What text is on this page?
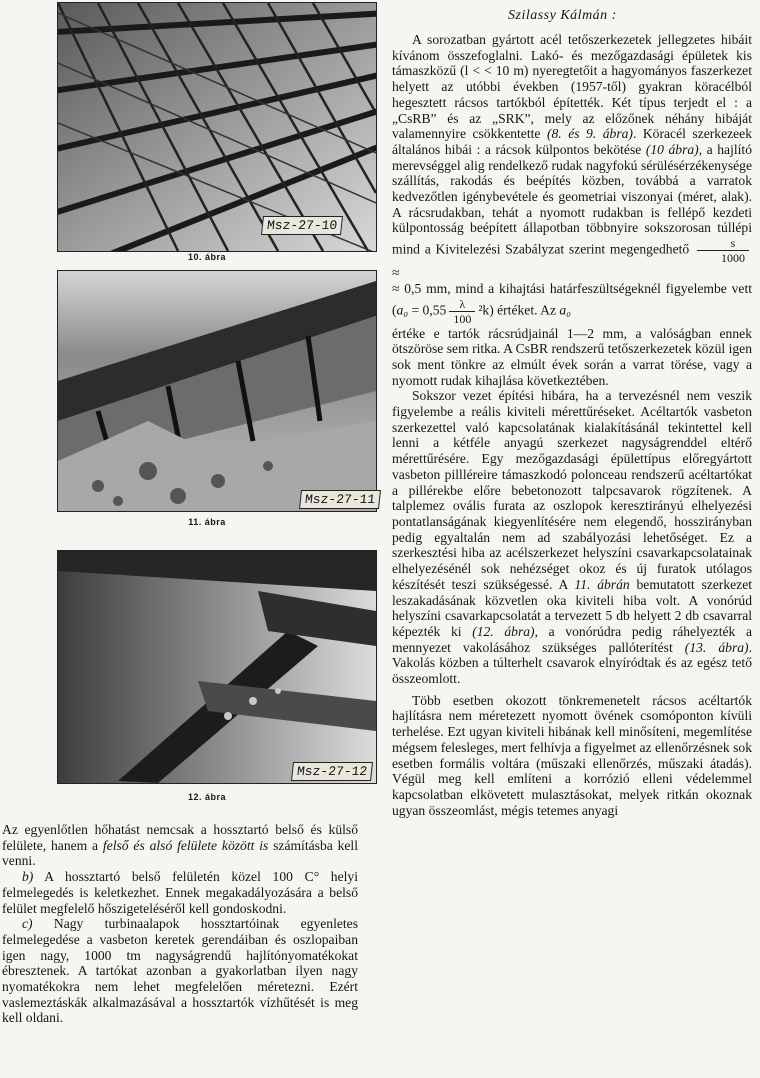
Msz-27-10
10. ábra
Msz-27-11
11. ábra
Msz-27-12
12. ábra

Az egyenlőtlen hőhatást nemcsak a hossztartó belső és külső felülete, hanem a felső és alsó felülete között is számításba kell venni.

b) A hossztartó belső felületén közel 100 C° helyi felmelegedés is keletkezhet. Ennek megakadályozására a belső felület megfelelő hőszigeteléséről kell gondoskodni.

c) Nagy turbinaalapok hossztartóinak egyenletes felmelegedése a vasbeton keretek gerendáiban és oszlopaiban igen nagy, 1000 tm nagyságrendű hajlítónyomatékokat ébresztenek. A tartókat azonban a gyakorlatban ilyen nagy nyomatékokra nem lehet megfelelően méretezni. Ezért vaslemeztáskák alkalmazásával a hossztartók vízhűtését is meg kell oldani.

Szilassy Kálmán :

A sorozatban gyártott acél tetőszerkezetek jellegzetes hibáit kívánom összefoglalni. Lakó- és mezőgazdasági épületek kis támaszközű (l < < 10 m) nyeregtetőit a hagyományos faszerkezet helyett az utóbbi években (1957-től) gyakran köracélból hegesztett rácsos tartókból építették. Két típus terjedt el : a „CsRB” és az „SRK”, mely az előzőnek néhány hibáját valamennyire csökkentette (8. és 9. ábra). Köracél szerkezeek általános hibái : a rácsok külpontos bekötése (10 ábra), a hajlító merevséggel alig rendelkező rudak nagyfokú sérülésérzékenysége szállítás, rakodás és beépítés közben, továbbá a varratok kedvezőtlen igénybevétele és geometriai viszonyai (méret, alak). A rácsrudakban, tehát a nyomott rudakban is fellépő kezdeti külpontosság beépített állapotban többnyire sokszorosan túllépi mind a Kivitelezési Szabályzat szerint megengedhető $\frac{s}{1000}$
≈

≈ 0,5 mm, mind a kihajtási határfeszültségeknél figyelembe vett $(a_0 = 0,55 \frac{\lambda}{100} ^2k)$ értéket. Az a₀

értéke e tartók rácsrúdjainál 1—2 mm, a valóságban ennek ötszöröse sem ritka. A CsBR rendszerű tetőszerkezetek közül igen sok ment tönkre az elmúlt évek során a varrat törése, vagy a nyomott rudak kihajlása következtében.

Sokszor vezet építési hibára, ha a tervezésnél nem veszik figyelembe a reális kiviteli mérettűréseket. Acéltartók vasbeton szerkezettel való kapcsolatának kialakításánál tekintettel kell lenni a kétféle anyagú szerkezet nagyságrenddel eltérő mérettűrésére. Egy mezőgazdasági épülettípus előregyártott vasbeton pillléreire támaszkodó polonceau rendszerű acéltartókat a pillérekbe előre bebetonozott talpcsavarok rögzítenek. A talplemez ovális furata az oszlopok keresztirányú elhelyezési pontatlanságának kiegyenlítésére nem elegendő, hosszirányban pedig egyaltalán nem ad szabályozási lehetőséget. Ez a szerkesztési hiba az acélszerkezet helyszíni csavarkapcsolatainak elhelyezésénél sok nehézséget okoz és új furatok utólagos készítését teszi szükségessé. A 11. ábrán bemutatott szerkezet leszakadásának közvetlen oka kiviteli hiba volt. A vonórúd helyszíni csavarkapcsolatát a tervezett 5 db helyett 2 db csavarral képezték ki (12. ábra), a vonórúdra pedig ráhelyezték a mennyezet vakolásához szükséges pallóterítést (13. ábra). Vakolás közben a túlterhelt csavarok elnyíródtak és az egész tető összeomlott.

Több esetben okozott tönkremenetelt rácsos acéltartók hajlításra nem méretezett nyomott övének csomóponton kívüli terhelése. Ezt ugyan kiviteli hibának kell minősíteni, megemlítése mégsem felesleges, mert felhívja a figyelmet az ellenőrzésnek sok esetben formális voltára (műszaki ellenőrzés, műszaki átadás). Végül meg kell említeni a korrózió elleni védelemmel kapcsolatban elkövetett mulasztásokat, melyek ritkán okoznak ugyan összeomlást, mégis tetemes anyagi
